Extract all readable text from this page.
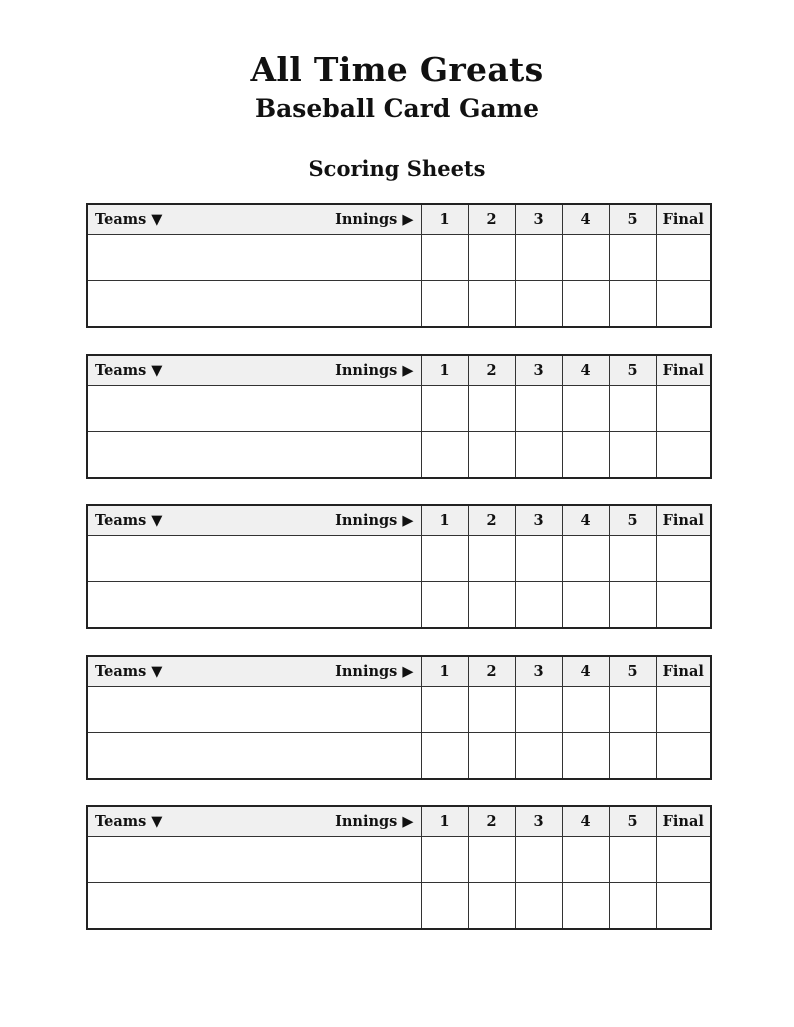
All Time Greats
Baseball Card Game
Scoring Sheets
Teams ▼ Innings ▶	1	2	3	4	5	Final

Teams ▼ Innings ▶	1	2	3	4	5	Final

Teams ▼ Innings ▶	1	2	3	4	5	Final

Teams ▼ Innings ▶	1	2	3	4	5	Final

Teams ▼ Innings ▶	1	2	3	4	5	Final
